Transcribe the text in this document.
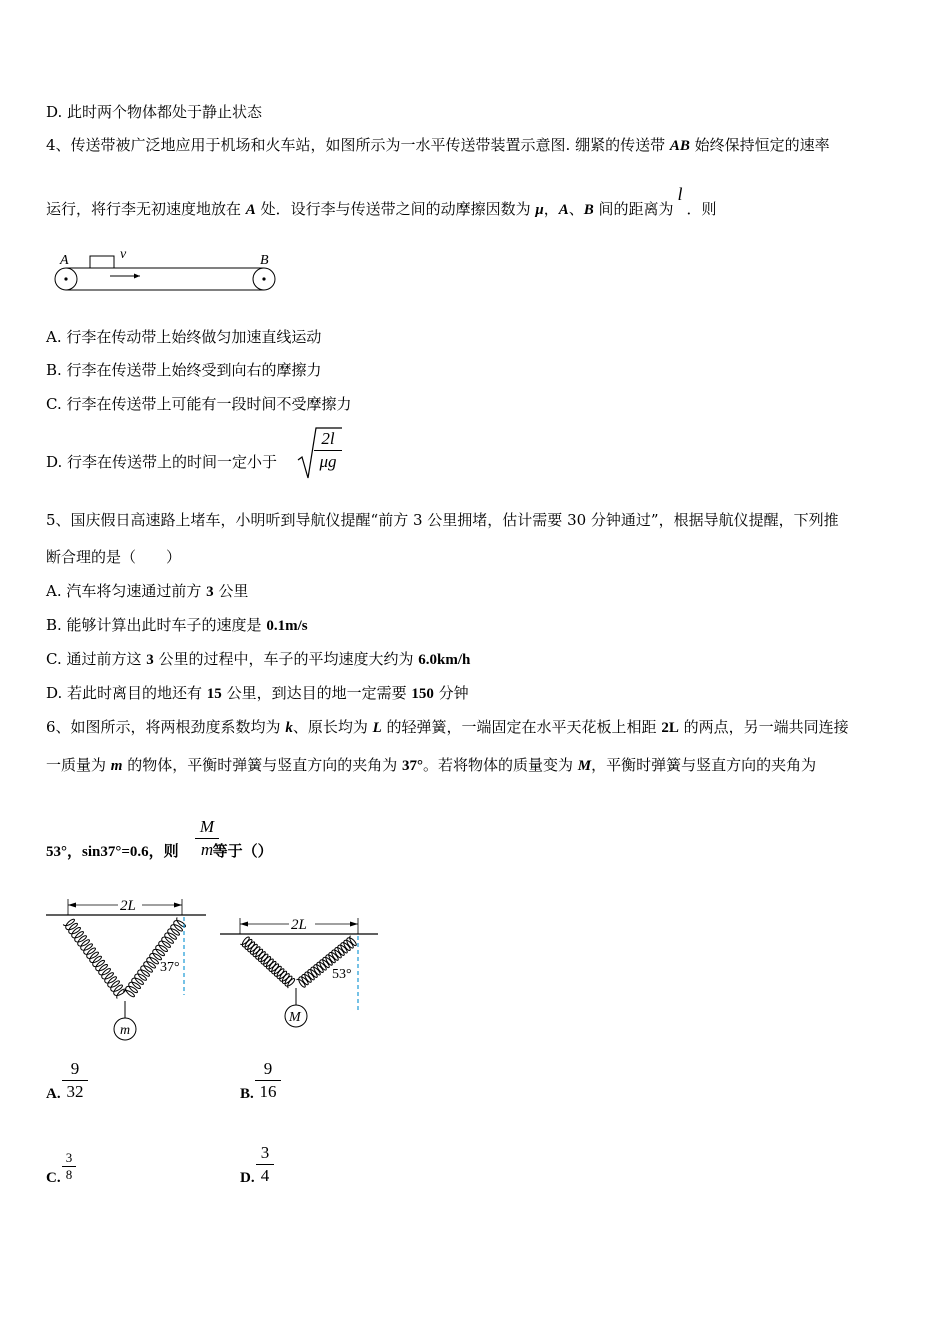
D. 此时两个物体都处于静止状态
4、传送带被广泛地应用于机场和火车站，如图所示为一水平传送带装置示意图. 绷紧的传送带 AB 始终保持恒定的速率
运行，将行李无初速度地放在 A 处．设行李与传送带之间的动摩擦因数为 μ，A、B 间的距离为l．则
A	B
v
A. 行李在传动带上始终做匀加速直线运动
B. 行李在传送带上始终受到向右的摩擦力
C. 行李在传送带上可能有一段时间不受摩擦力
D. 行李在传送带上的时间一定小于
2l
μg
5、国庆假日高速路上堵车，小明听到导航仪提醒“前方 3 公里拥堵，估计需要 30 分钟通过”，根据导航仪提醒，下列推
断合理的是（　　）
A. 汽车将匀速通过前方 3 公里
B. 能够计算出此时车子的速度是 0.1m/s
C. 通过前方这 3 公里的过程中，车子的平均速度大约为 6.0km/h
D. 若此时离目的地还有 15 公里，到达目的地一定需要 150 分钟
6、如图所示，将两根劲度系数均为 k、原长均为 L 的轻弹簧，一端固定在水平天花板上相距 2L 的两点，另一端共同连接
一质量为 m 的物体，平衡时弹簧与竖直方向的夹角为 37°。若将物体的质量变为 M，平衡时弹簧与竖直方向的夹角为
53°，sin37°=0.6，则 等于（）
M
m
2L
37°
m
2L
53°
M
A.
9
32	B.
9
16
C.
3
8	D.
3
4
